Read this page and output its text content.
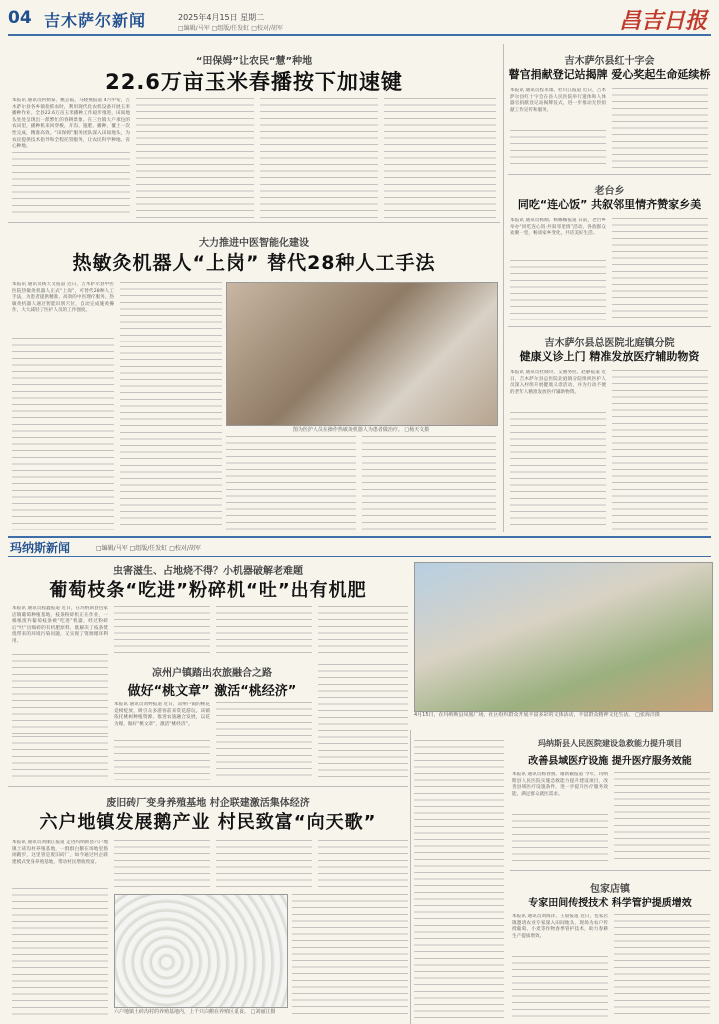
04 吉木萨尔新闻	2025年4月15日 星期二
□编辑/马军 □组版/任发虹 □校对/胡军	昌吉日报
“田保姆”让农民“慧”种地
22.6万亩玉米春播按下加速键
本报讯 通讯员阿勒泰、姚芸霞、马晓燕报道 4月中旬，吉木萨尔县各乡镇抢抓农时，利用现代化农机设备开展玉米播种作业。全县22.6万亩玉米播种工作稳步推进，田间地头处处呈现出一派繁忙的春耕景象。在三台镇大户承包的农田里，播种机来回穿梭，开沟、施肥、播种、覆土一次性完成，精准高效。“田保姆”服务团队深入田间地头，为农民提供技术指导和全程托管服务，让农民科学种地、省心种地。
大力推进中医智能化建设
热敏灸机器人“上岗” 替代28种人工手法
本报讯 通讯员杨天文报道 近日，吉木萨尔县中医医院热敏灸机器人正式“上岗”，可替代28种人工手法，为患者提供精准、高效的中医理疗服务。热敏灸机器人通过智能识别穴位，自动完成施灸操作，大大减轻了医护人员的工作强度。
图为医护人员在操作热敏灸机器人为患者做治疗。 □杨天文摄
吉木萨尔县红十字会
瞽官捐献登记站揭牌 爱心奖起生命延续桥
本报讯 通讯员程永康、杜川江报道 近日，吉木萨尔县红十字会在县人民医院举行遗体和人体器官捐献登记站揭牌仪式，进一步推动无偿捐献工作宣传和服务。
老台乡
同吃“连心饭” 共叙邻里情齐赞家乡美
本报讯 通讯员杨刚、杨娜娜报道 日前，老台乡举办“同吃连心饭·共叙邻里情”活动，各族群众欢聚一堂，畅谈家乡变化，共话美好生活。
吉木萨尔县总医院北庭镇分院
健康义诊上门 精准发放医疗辅助物资
本报讯 通讯员杜晓玲、艾丽努拉、赵静报道 近日，吉木萨尔县总医院北庭镇分院组织医护人员深入村组开展健康义诊活动，并为行动不便的老年人精准发放医疗辅助物资。
玛纳斯新闻	□编辑/马军 □组版/任发虹 □校对/胡军
虫害滋生、占地烧不得？小机器破解老难题
葡萄枝条“吃进”粉碎机“吐”出有机肥
本报讯 通讯员程鑫报道 近日，在玛纳斯县包家店镇葡萄种植基地，枝条粉碎机正在作业，一根根废弃葡萄枝条被“吃进”机器，经过粉碎后“吐”出细碎的有机肥原料，既解决了枝条焚烧带来的环境污染问题，又实现了资源循环利用。
4月15日，在玛纳斯县凤凰广场，社区组织群众开展丰富多彩的文体活动，丰富群众精神文化生活。 □张海洋摄
凉州户镇踏出农旅融合之路
做好“桃文章” 激活“桃经济”
本报讯 通讯员刘婷报道 近日，凉州户镇的桃花竞相绽放，吸引众多游客前来赏花游玩。该镇依托桃树种植资源，推进农旅融合发展，以花为媒，做好“桃文章”，激活“桃经济”。
玛纳斯县人民医院建设急救能力提升项目
改善县域医疗设施 提升医疗服务效能
本报讯 通讯员杨春燕、谢新颖报道 今年，玛纳斯县人民医院实施急救能力提升建设项目，改善县域医疗设施条件，进一步提升医疗服务效能，满足群众就医需求。
废旧砖厂变身养殖基地 村企联建激活集体经济
六户地镇发展鹅产业 村民致富“向天歌”
本报讯 通讯员刘丽江报道 走进玛纳斯县六户地镇土砖沟村养殖基地，一群群白鹅在场地里悠闲踱步，这里曾是废旧砖厂，如今通过村企联建模式变身养殖基地，带动村民增收致富。
六户地镇土砖沟村的养殖基地内，上千只白鹅在养殖区觅食。 □刘丽江摄
包家店镇
专家田间传授技术 科学管护提质增效
本报讯 通讯员刘海洋、王晨报道 近日，包家店镇邀请农业专家深入田间地头，现场为农户传授葡萄、小麦等作物春季管护技术，助力春耕生产提质增效。
